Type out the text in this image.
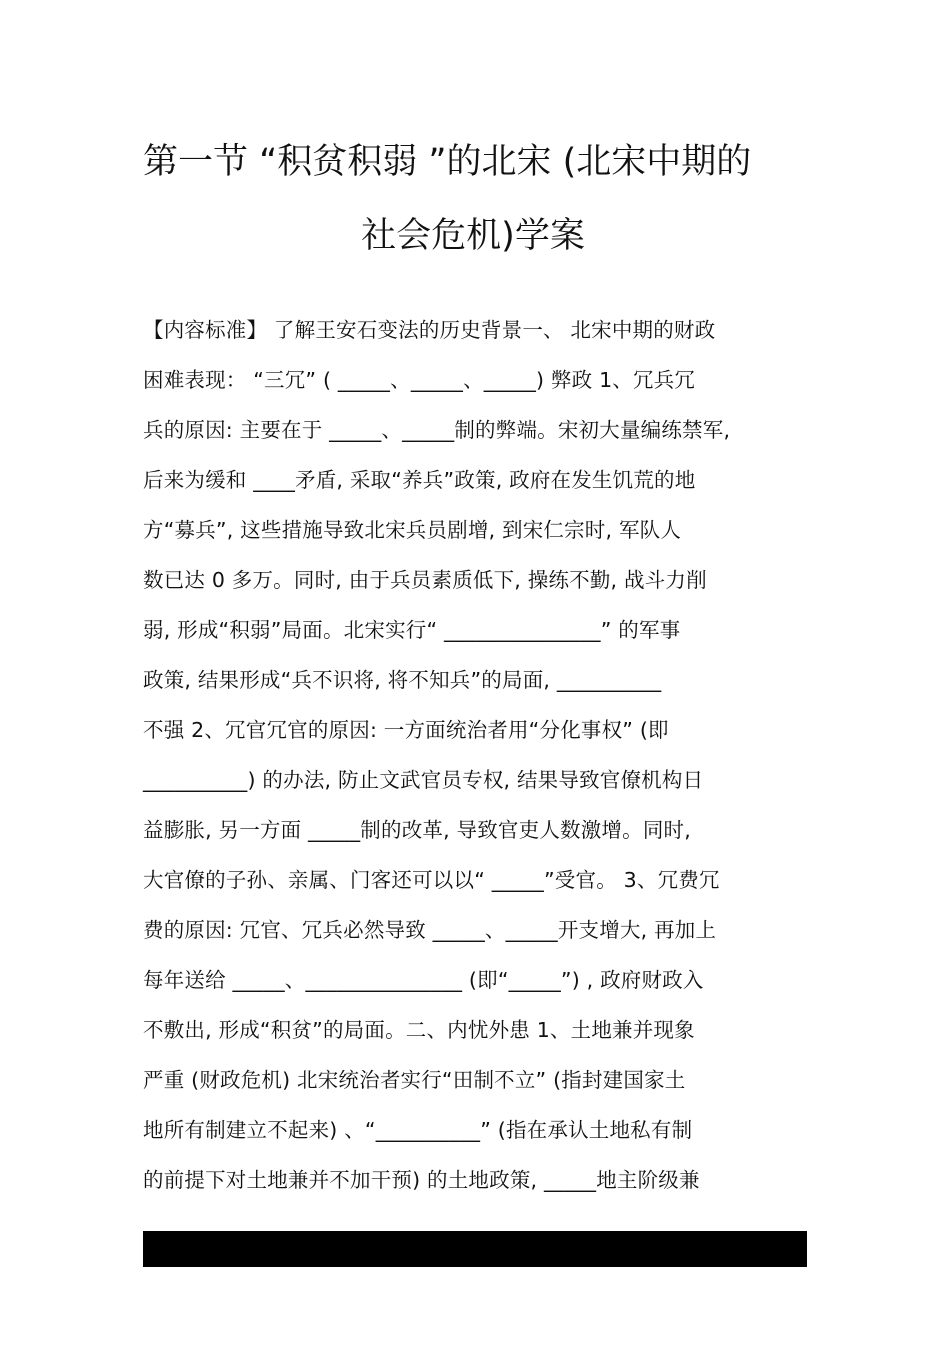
第一节 “积贫积弱 ”的北宋 (北宋中期的
社会危机)学案
【内容标准】 了解王安石变法的历史背景一、 北宋中期的财政
困难表现： “三冗” ( _____、_____、_____) 弊政 1、冗兵冗
兵的原因: 主要在于 _____、_____制的弊端。宋初大量编练禁军,
后来为缓和 ____矛盾, 采取“养兵”政策, 政府在发生饥荒的地
方“募兵”, 这些措施导致北宋兵员剧增, 到宋仁宗时, 军队人
数已达 0 多万。同时, 由于兵员素质低下, 操练不勤, 战斗力削
弱, 形成“积弱”局面。北宋实行“ _______________” 的军事
政策, 结果形成“兵不识将, 将不知兵”的局面, __________
不强 2、冗官冗官的原因: 一方面统治者用“分化事权” (即
__________) 的办法, 防止文武官员专权, 结果导致官僚机构日
益膨胀, 另一方面 _____制的改革, 导致官吏人数激增。同时,
大官僚的子孙、亲属、门客还可以以“ _____”受官。 3、冗费冗
费的原因: 冗官、冗兵必然导致 _____、_____开支增大, 再加上
每年送给 _____、_______________ (即“_____”) , 政府财政入
不敷出, 形成“积贫”的局面。二、内忧外患 1、土地兼并现象
严重 (财政危机) 北宋统治者实行“田制不立” (指封建国家土
地所有制建立不起来) 、“__________” (指在承认土地私有制
的前提下对土地兼并不加干预) 的土地政策, _____地主阶级兼
